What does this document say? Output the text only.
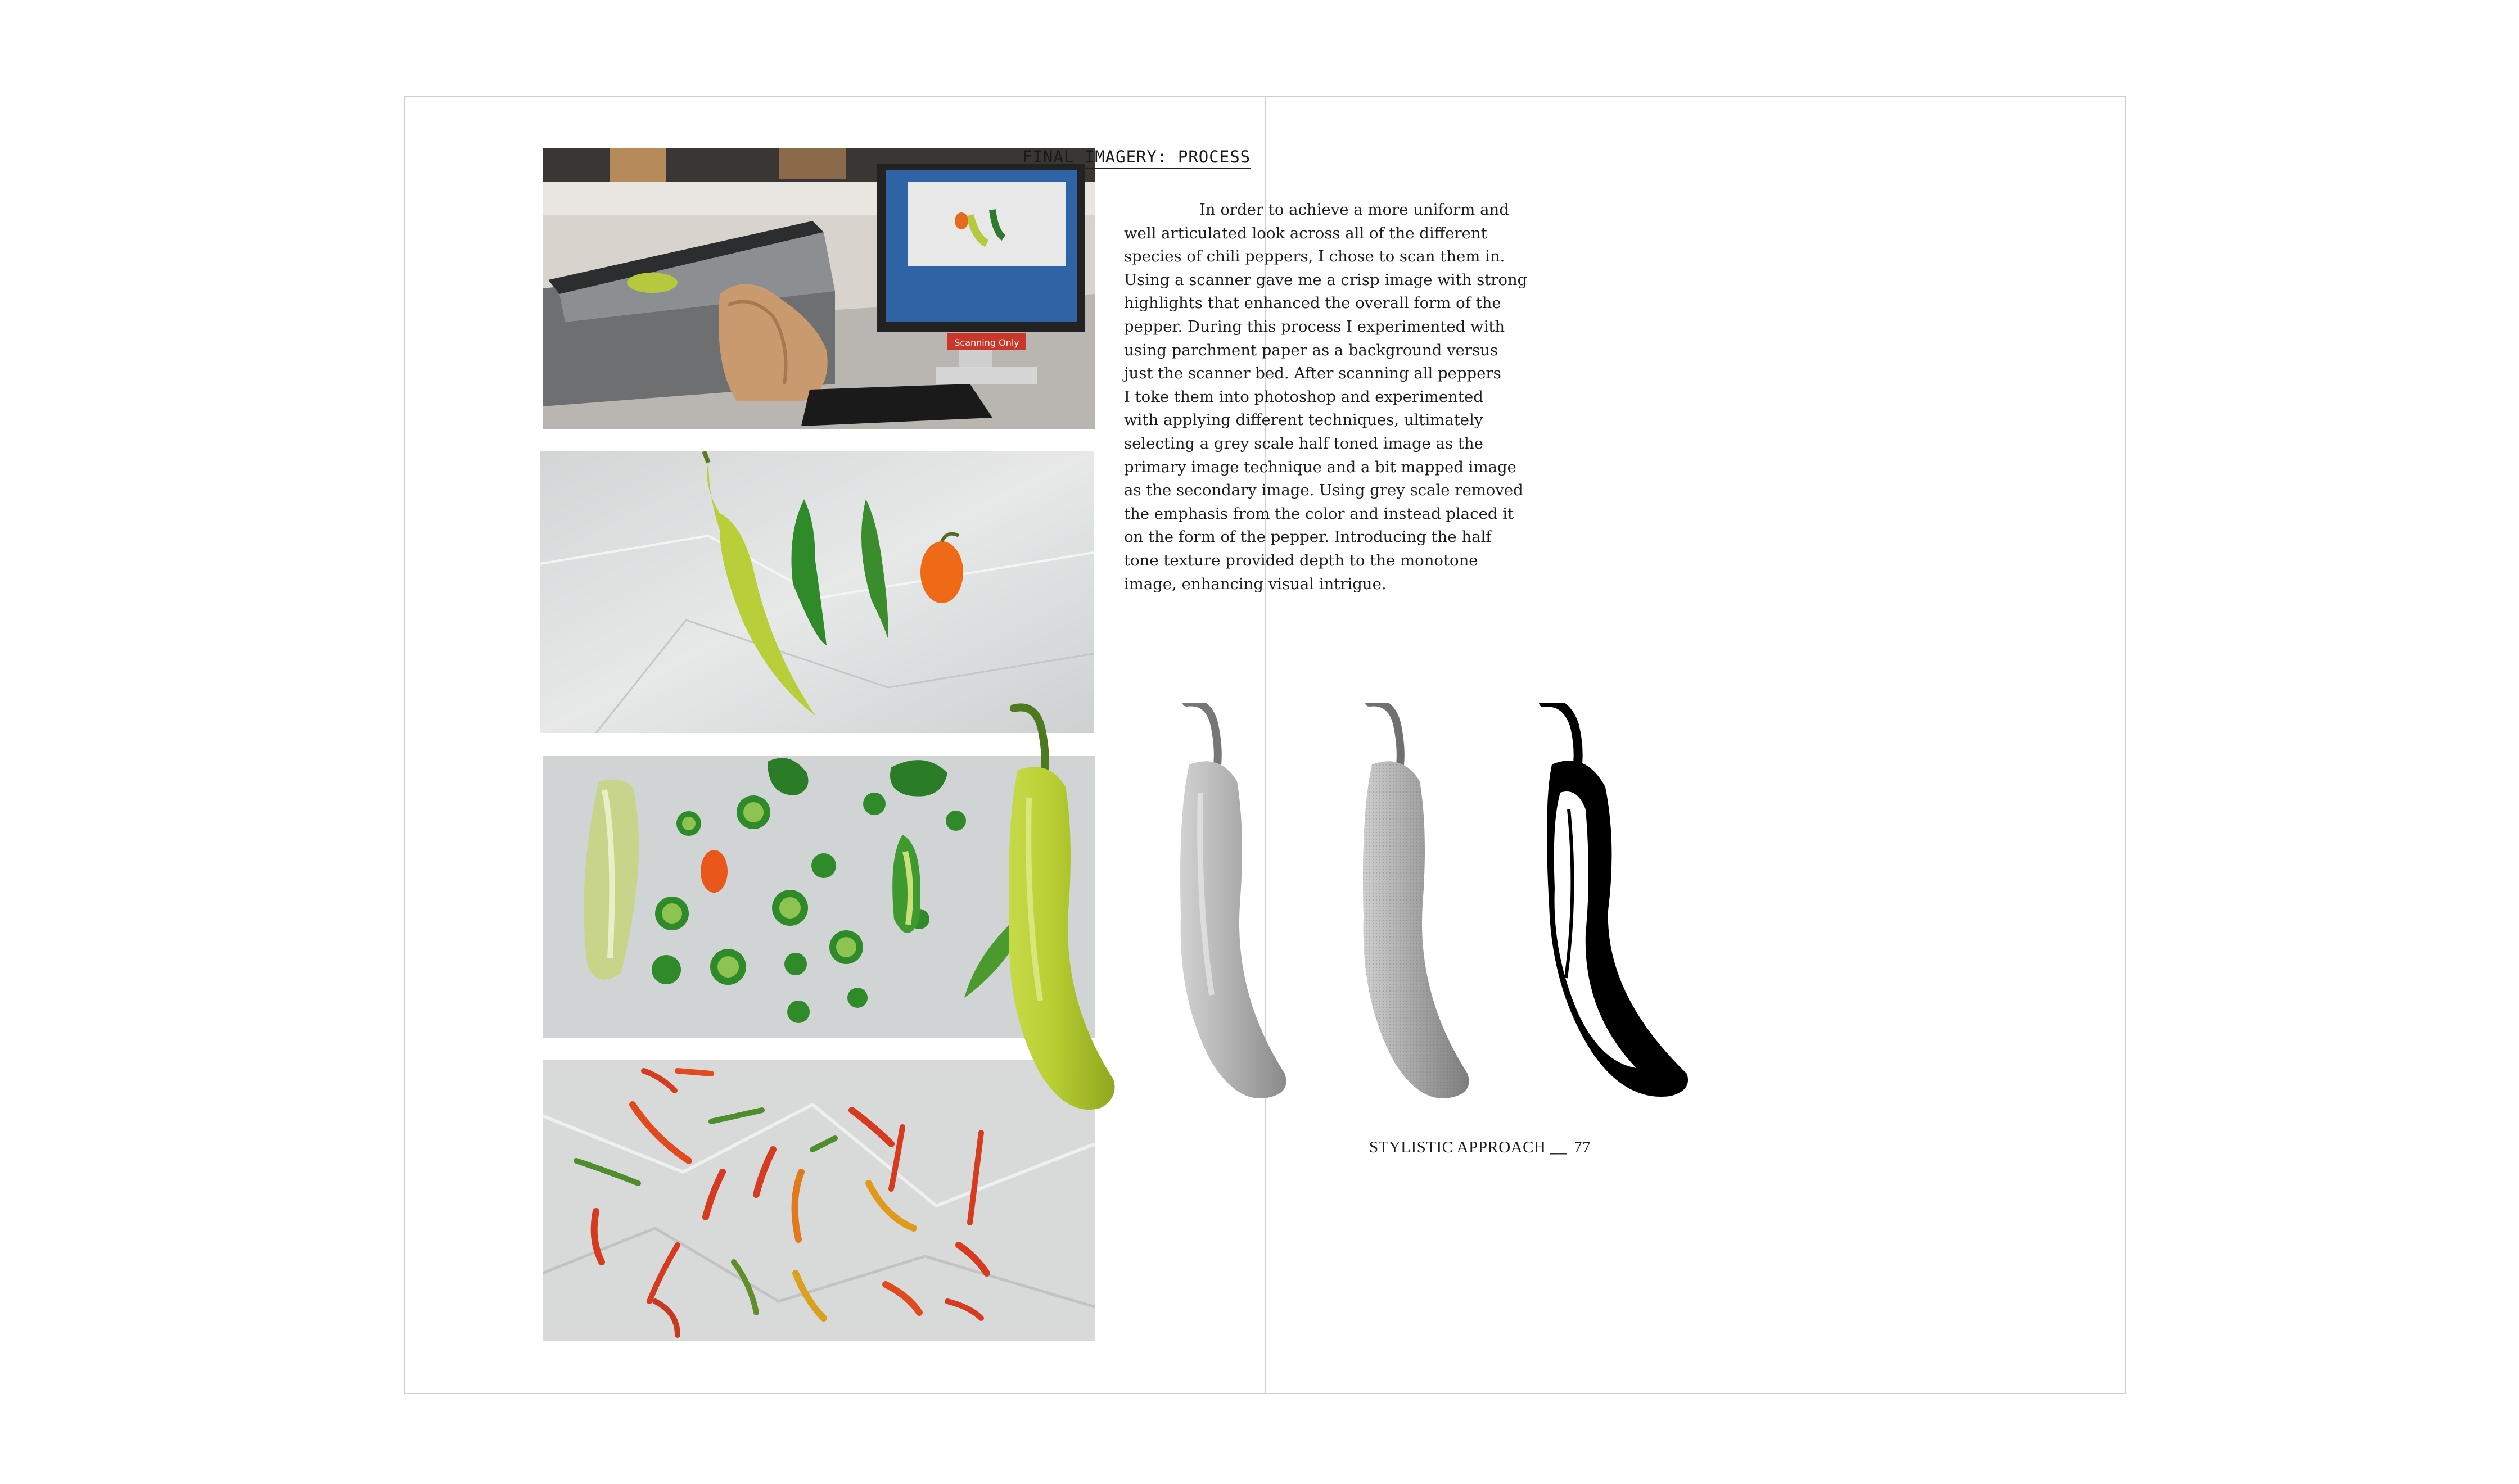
Scanning Only
FINAL IMAGERY: PROCESS
In order to achieve a more uniform and
well articulated look across all of the different
species of chili peppers, I chose to scan them in.
Using a scanner gave me a crisp image with strong
highlights that enhanced the overall form of the
pepper. During this process I experimented with
using parchment paper as a background versus
just the scanner bed. After scanning all peppers
I toke them into photoshop and experimented
with applying different techniques, ultimately
selecting a grey scale half toned image as the
primary image technique and a bit mapped image
as the secondary image. Using grey scale removed
the emphasis from the color and instead placed it
on the form of the pepper. Introducing the half
tone texture provided depth to the monotone
image, enhancing visual intrigue.
STYLISTIC APPROACH __ 77
